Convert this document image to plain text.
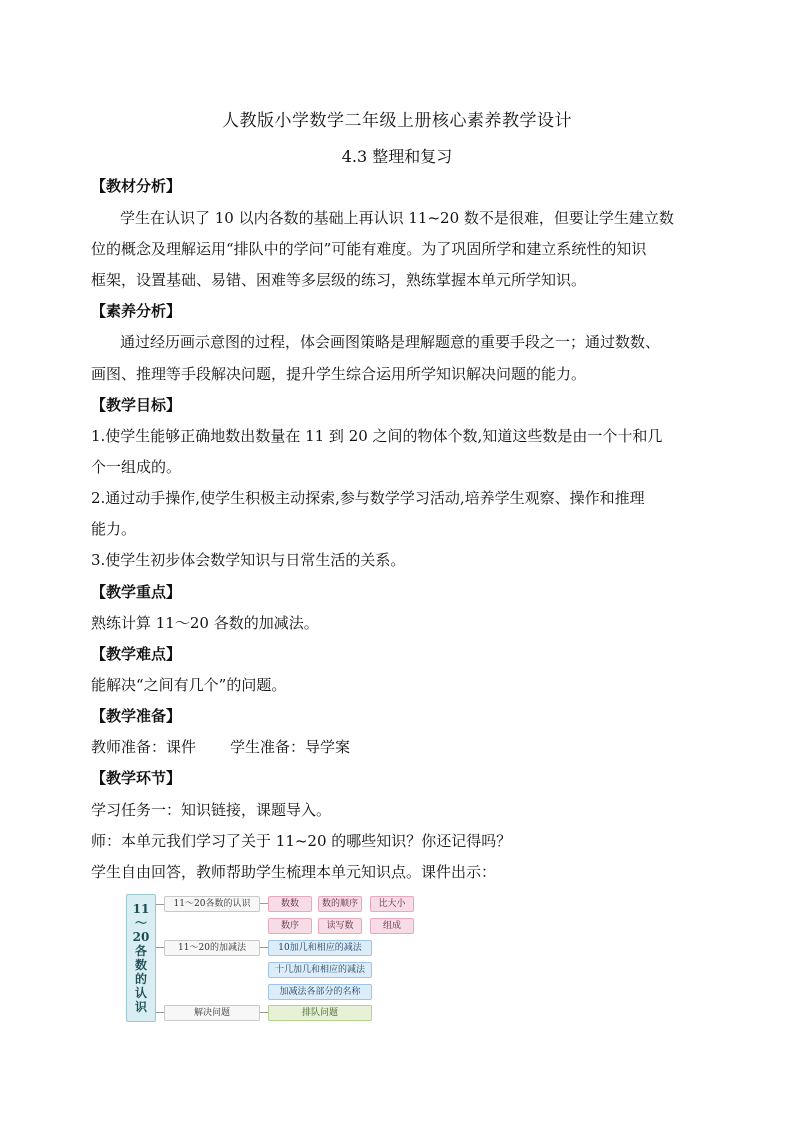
人教版小学数学二年级上册核心素养教学设计
4.3 整理和复习
【教材分析】
学生在认识了 10 以内各数的基础上再认识 11~20 数不是很难，但要让学生建立数
位的概念及理解运用“排队中的学问”可能有难度。为了巩固所学和建立系统性的知识
框架，设置基础、易错、困难等多层级的练习，熟练掌握本单元所学知识。
【素养分析】
通过经历画示意图的过程，体会画图策略是理解题意的重要手段之一；通过数数、
画图、推理等手段解决问题，提升学生综合运用所学知识解决问题的能力。
【教学目标】
1.使学生能够正确地数出数量在 11 到 20 之间的物体个数,知道这些数是由一个十和几
个一组成的。
2.通过动手操作,使学生积极主动探索,参与数学学习活动,培养学生观察、操作和推理
能力。
3.使学生初步体会数学知识与日常生活的关系。
【教学重点】
熟练计算 11～20 各数的加减法。
【教学难点】
能解决“之间有几个”的问题。
【教学准备】
教师准备：课件 学生准备：导学案
【教学环节】
学习任务一：知识链接，课题导入。
师：本单元我们学习了关于 11~20 的哪些知识？你还记得吗？
学生自由回答，教师帮助学生梳理本单元知识点。课件出示：
11
～
20
各
数
的
认
识
11～20各数的认识	数数	数的顺序	比大小
数序	读写数	组成
11～20的加减法	10加几和相应的减法
十几加几和相应的减法
加减法各部分的名称
解决问题	排队问题
